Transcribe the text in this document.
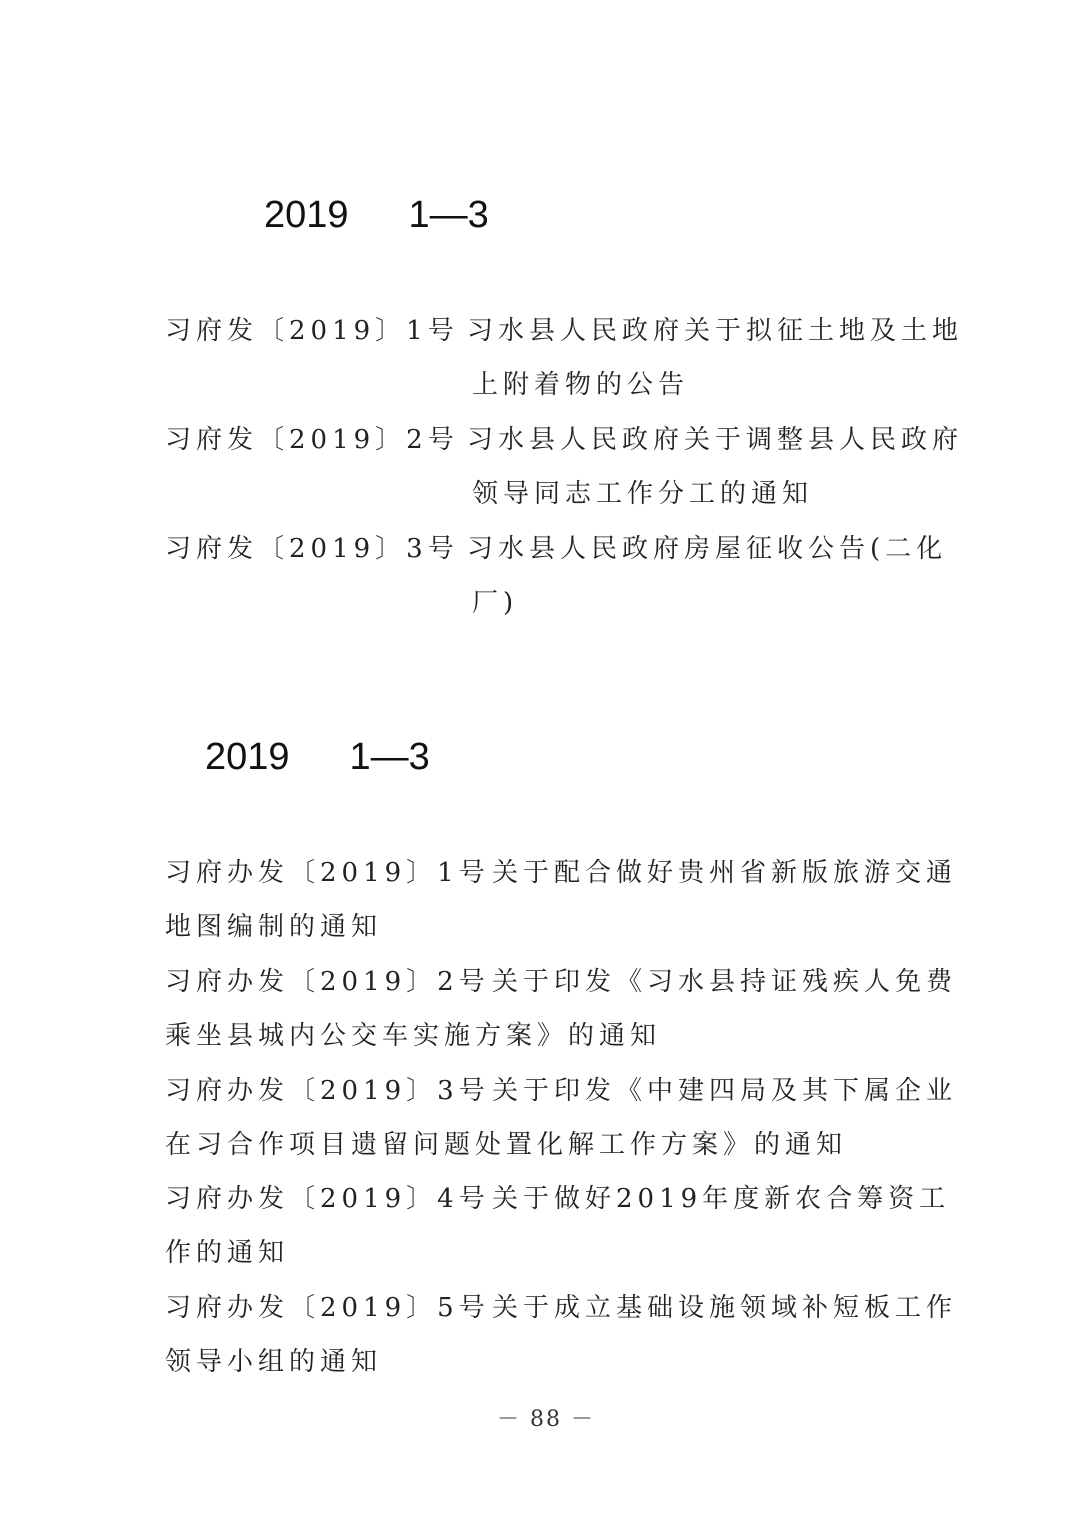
2019 1—3
习府发〔2019〕1号 习水县人民政府关于拟征土地及土地
上附着物的公告
习府发〔2019〕2号 习水县人民政府关于调整县人民政府
领导同志工作分工的通知
习府发〔2019〕3号 习水县人民政府房屋征收公告(二化
厂)
2019 1—3
习府办发〔2019〕1号 关于配合做好贵州省新版旅游交通
地图编制的通知
习府办发〔2019〕2号 关于印发《习水县持证残疾人免费
乘坐县城内公交车实施方案》的通知
习府办发〔2019〕3号 关于印发《中建四局及其下属企业
在习合作项目遗留问题处置化解工作方案》的通知
习府办发〔2019〕4号 关于做好2019年度新农合筹资工
作的通知
习府办发〔2019〕5号 关于成立基础设施领域补短板工作
领导小组的通知
－ 88 －
